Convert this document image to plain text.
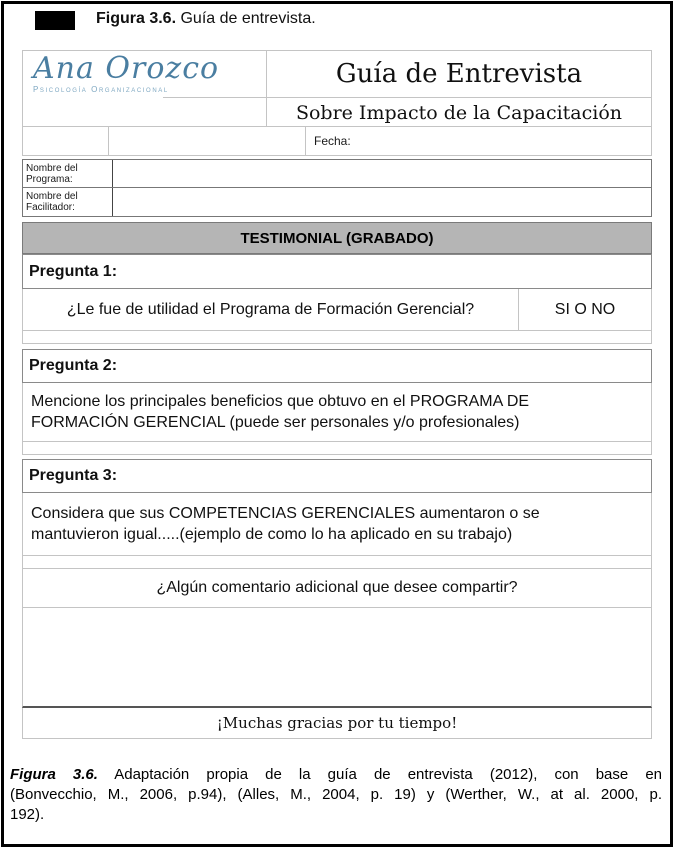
Figura 3.6. Guía de entrevista.
Ana Orozco
Psicología Organizacional
Guía de Entrevista
Sobre Impacto de la Capacitación
Fecha:
Nombre del Programa:
Nombre del Facilitador:
TESTIMONIAL (GRABADO)
Pregunta 1:
¿Le fue de utilidad el Programa de Formación Gerencial?	SI O NO
Pregunta 2:
Mencione los principales beneficios que obtuvo en el PROGRAMA DE
FORMACIÓN GERENCIAL (puede ser personales y/o profesionales)
Pregunta 3:
Considera que sus COMPETENCIAS GERENCIALES aumentaron o se
mantuvieron igual.....(ejemplo de como lo ha aplicado en su trabajo)
¿Algún comentario adicional que desee compartir?
¡Muchas gracias por tu tiempo!
Figura 3.6. Adaptación propia de la guía de entrevista (2012), con base en
(Bonvecchio, M., 2006, p.94), (Alles, M., 2004, p. 19) y (Werther, W., at al. 2000, p.
192).
